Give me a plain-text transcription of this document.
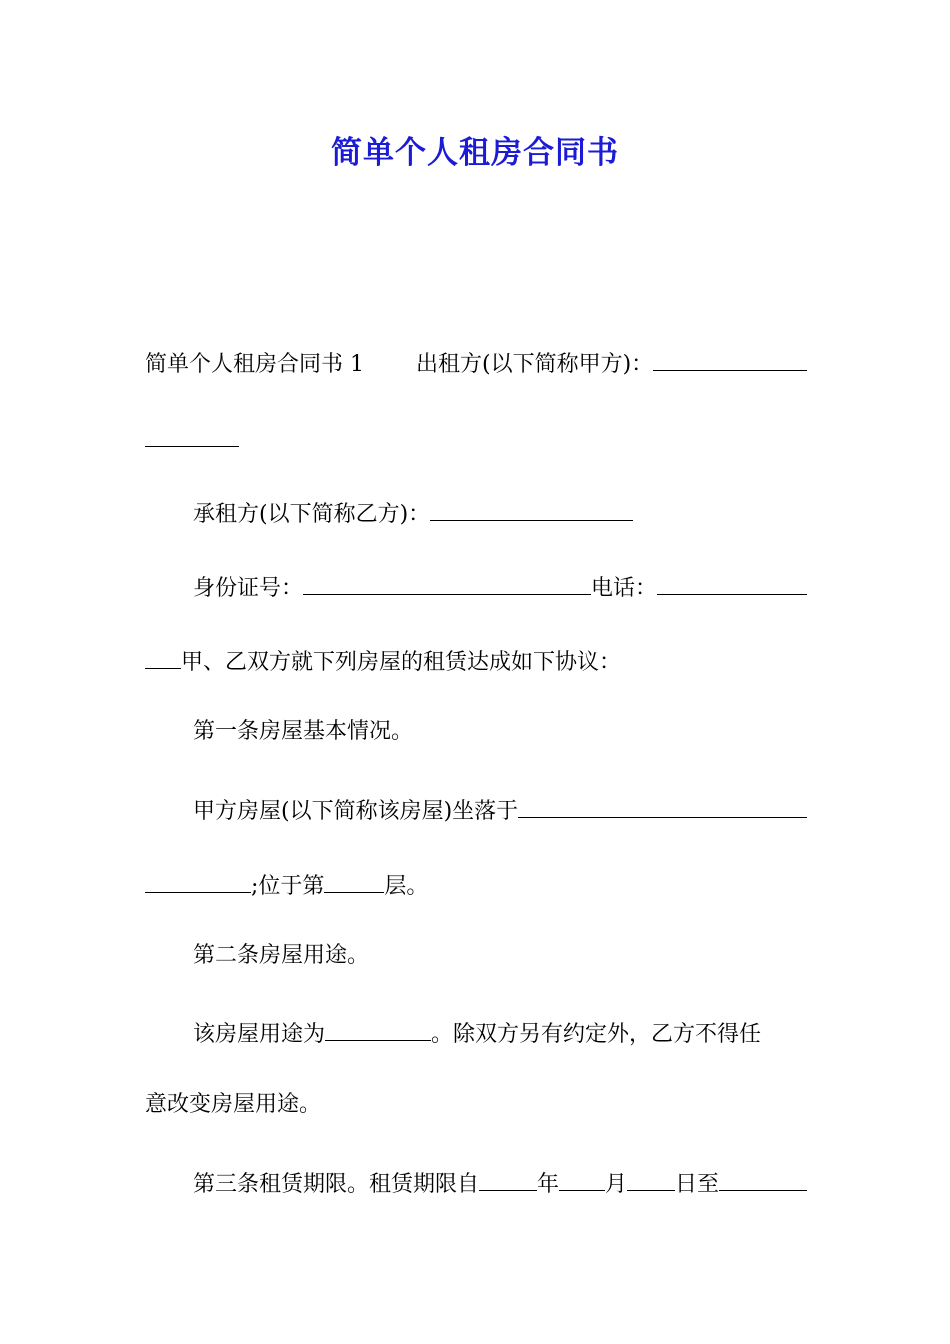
简单个人租房合同书
简单个人租房合同书 1 出租方(以下简称甲方)：
承租方(以下简称乙方)：
身份证号：	电话：
甲、乙双方就下列房屋的租赁达成如下协议：
第一条房屋基本情况。
甲方房屋(以下简称该房屋)坐落于
;位于第	层。
第二条房屋用途。
该房屋用途为	。除双方另有约定外，乙方不得任
意改变房屋用途。
第三条租赁期限。租赁期限自	年 月 日至
